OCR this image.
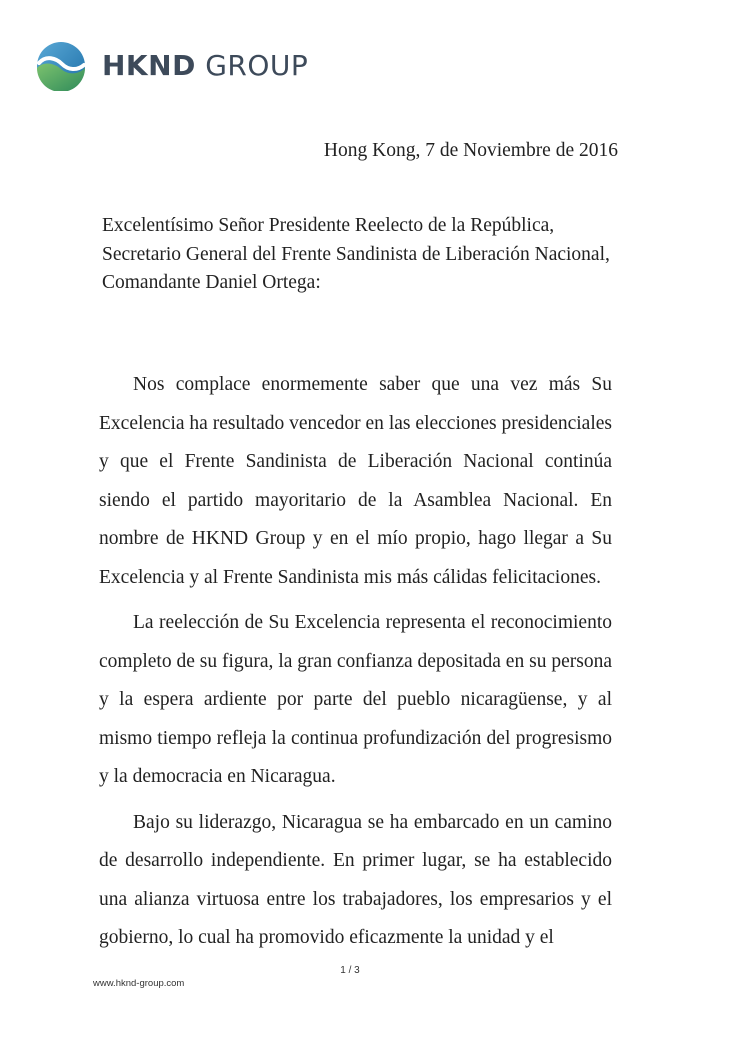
HKND GROUP
Hong Kong, 7 de Noviembre de 2016
Excelentísimo Señor Presidente Reelecto de la República,
Secretario General del Frente Sandinista de Liberación Nacional,
Comandante Daniel Ortega:

Nos complace enormemente saber que una vez más Su Excelencia ha resultado vencedor en las elecciones presidenciales y que el Frente Sandinista de Liberación Nacional continúa siendo el partido mayoritario de la Asamblea Nacional. En nombre de HKND Group y en el mío propio, hago llegar a Su Excelencia y al Frente Sandinista mis más cálidas felicitaciones.

La reelección de Su Excelencia representa el reconocimiento completo de su figura, la gran confianza depositada en su persona y la espera ardiente por parte del pueblo nicaragüense, y al mismo tiempo refleja la continua profundización del progresismo y la democracia en Nicaragua.

Bajo su liderazgo, Nicaragua se ha embarcado en un camino de desarrollo independiente. En primer lugar, se ha establecido una alianza virtuosa entre los trabajadores, los empresarios y el gobierno, lo cual ha promovido eficazmente la unidad y el

1 / 3
www.hknd-group.com
